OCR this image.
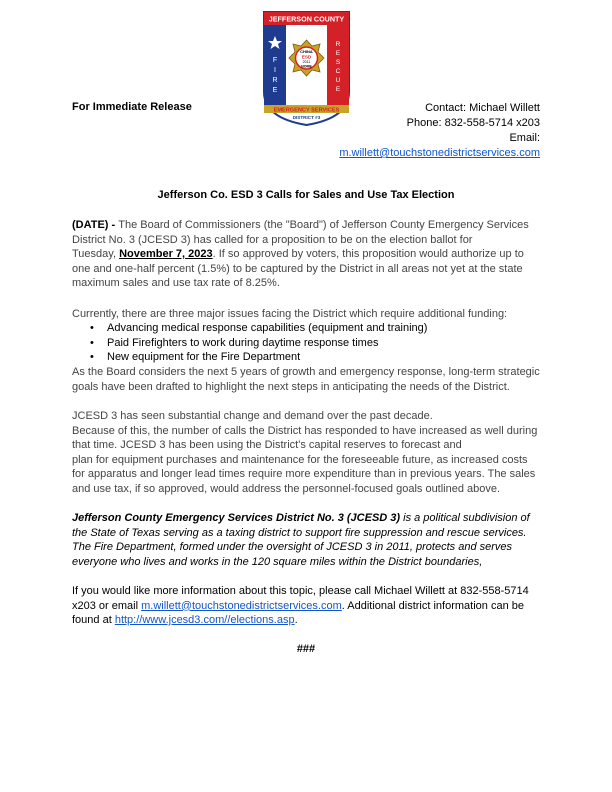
JEFFERSON COUNTY
F
I
R
E
R
E
S
C
U
E
CHINA
ESD
2011
NOME
EMERGENCY SERVICES
DISTRICT #3
For Immediate Release	Contact: Michael Willett
Phone: 832-558-5714 x203
Email:
m.willett@touchstonedistrictservices.com
Jefferson Co. ESD 3 Calls for Sales and Use Tax Election
(DATE) - The Board of Commissioners (the "Board") of Jefferson County Emergency Services
District No. 3 (JCESD 3) has called for a proposition to be on the election ballot for
Tuesday, November 7, 2023. If so approved by voters, this proposition would authorize up to
one and one-half percent (1.5%) to be captured by the District in all areas not yet at the state
maximum sales and use tax rate of 8.25%.
Currently, there are three major issues facing the District which require additional funding:
• Advancing medical response capabilities (equipment and training)
• Paid Firefighters to work during daytime response times
• New equipment for the Fire Department
As the Board considers the next 5 years of growth and emergency response, long-term strategic
goals have been drafted to highlight the next steps in anticipating the needs of the District.
JCESD 3 has seen substantial change and demand over the past decade.
Because of this, the number of calls the District has responded to have increased as well during
that time. JCESD 3 has been using the District's capital reserves to forecast and
plan for equipment purchases and maintenance for the foreseeable future, as increased costs
for apparatus and longer lead times require more expenditure than in previous years. The sales
and use tax, if so approved, would address the personnel-focused goals outlined above.
Jefferson County Emergency Services District No. 3 (JCESD 3) is a political subdivision of
the State of Texas serving as a taxing district to support fire suppression and rescue services.
The Fire Department, formed under the oversight of JCESD 3 in 2011, protects and serves
everyone who lives and works in the 120 square miles within the District boundaries,
If you would like more information about this topic, please call Michael Willett at 832-558-5714
x203 or email m.willett@touchstonedistrictservices.com. Additional district information can be
found at http://www.jcesd3.com//elections.asp.
###
